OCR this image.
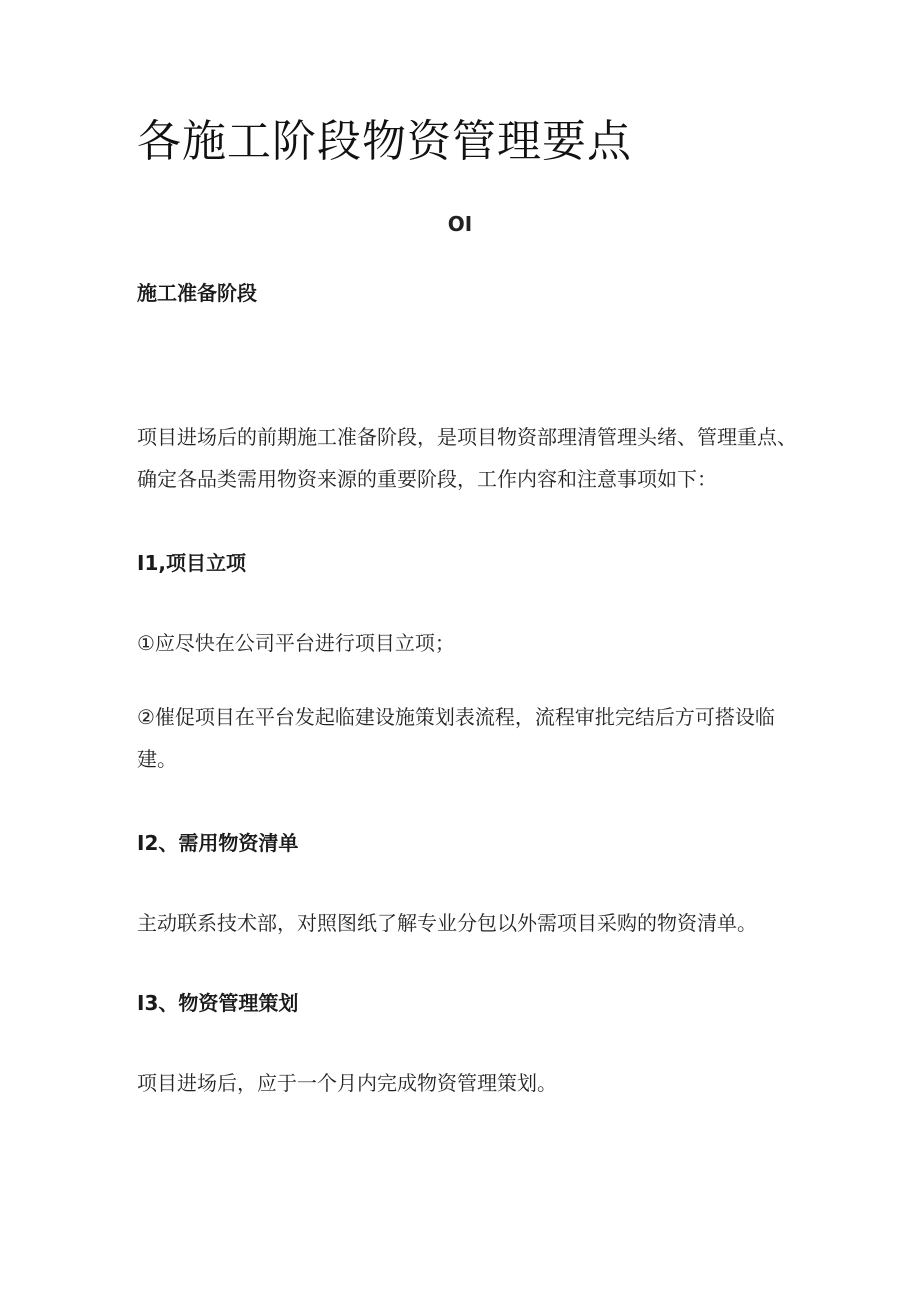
各施工阶段物资管理要点

OI

施工准备阶段

项目进场后的前期施工准备阶段，是项目物资部理清管理头绪、管理重点、确定各品类需用物资来源的重要阶段，工作内容和注意事项如下：

I1,项目立项

①应尽快在公司平台进行项目立项；

②催促项目在平台发起临建设施策划表流程，流程审批完结后方可搭设临建。

I2、需用物资清单

主动联系技术部，对照图纸了解专业分包以外需项目采购的物资清单。

I3、物资管理策划

项目进场后，应于一个月内完成物资管理策划。
